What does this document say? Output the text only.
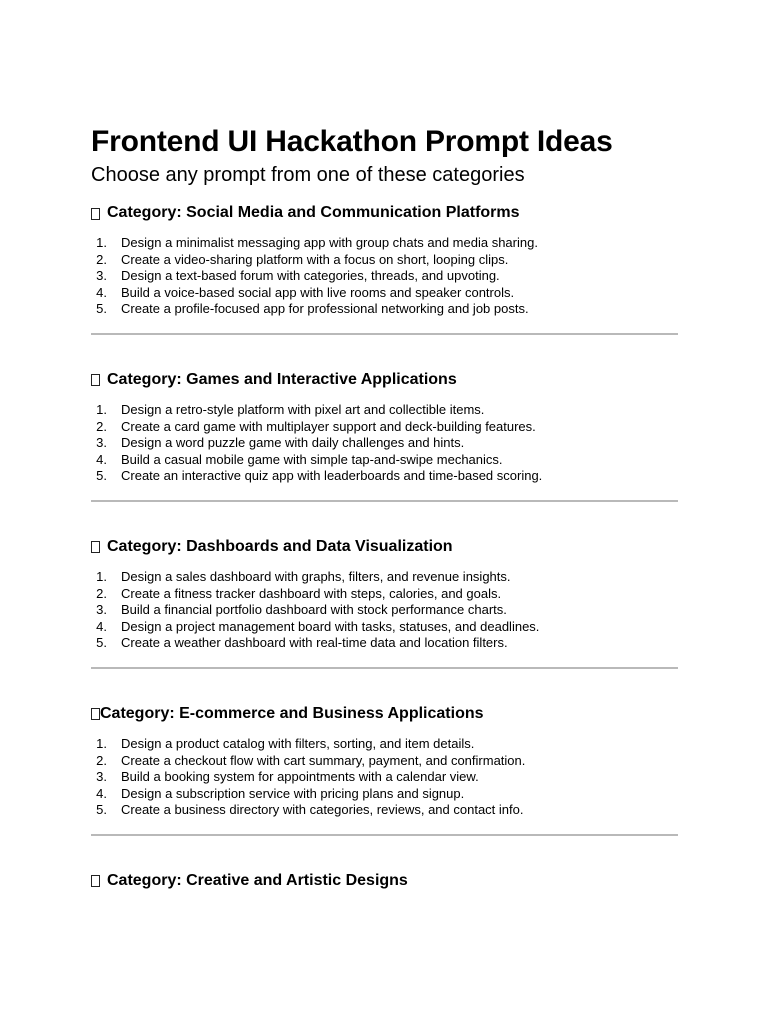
Frontend UI Hackathon Prompt Ideas

Choose any prompt from one of these categories

Category: Social Media and Communication Platforms
1.	Design a minimalist messaging app with group chats and media sharing.
2.	Create a video-sharing platform with a focus on short, looping clips.
3.	Design a text-based forum with categories, threads, and upvoting.
4.	Build a voice-based social app with live rooms and speaker controls.
5.	Create a profile-focused app for professional networking and job posts.
Category: Games and Interactive Applications
1.	Design a retro-style platform with pixel art and collectible items.
2.	Create a card game with multiplayer support and deck-building features.
3.	Design a word puzzle game with daily challenges and hints.
4.	Build a casual mobile game with simple tap-and-swipe mechanics.
5.	Create an interactive quiz app with leaderboards and time-based scoring.
Category: Dashboards and Data Visualization
1.	Design a sales dashboard with graphs, filters, and revenue insights.
2.	Create a fitness tracker dashboard with steps, calories, and goals.
3.	Build a financial portfolio dashboard with stock performance charts.
4.	Design a project management board with tasks, statuses, and deadlines.
5.	Create a weather dashboard with real-time data and location filters.
Category: E-commerce and Business Applications
1.	Design a product catalog with filters, sorting, and item details.
2.	Create a checkout flow with cart summary, payment, and confirmation.
3.	Build a booking system for appointments with a calendar view.
4.	Design a subscription service with pricing plans and signup.
5.	Create a business directory with categories, reviews, and contact info.
Category: Creative and Artistic Designs
